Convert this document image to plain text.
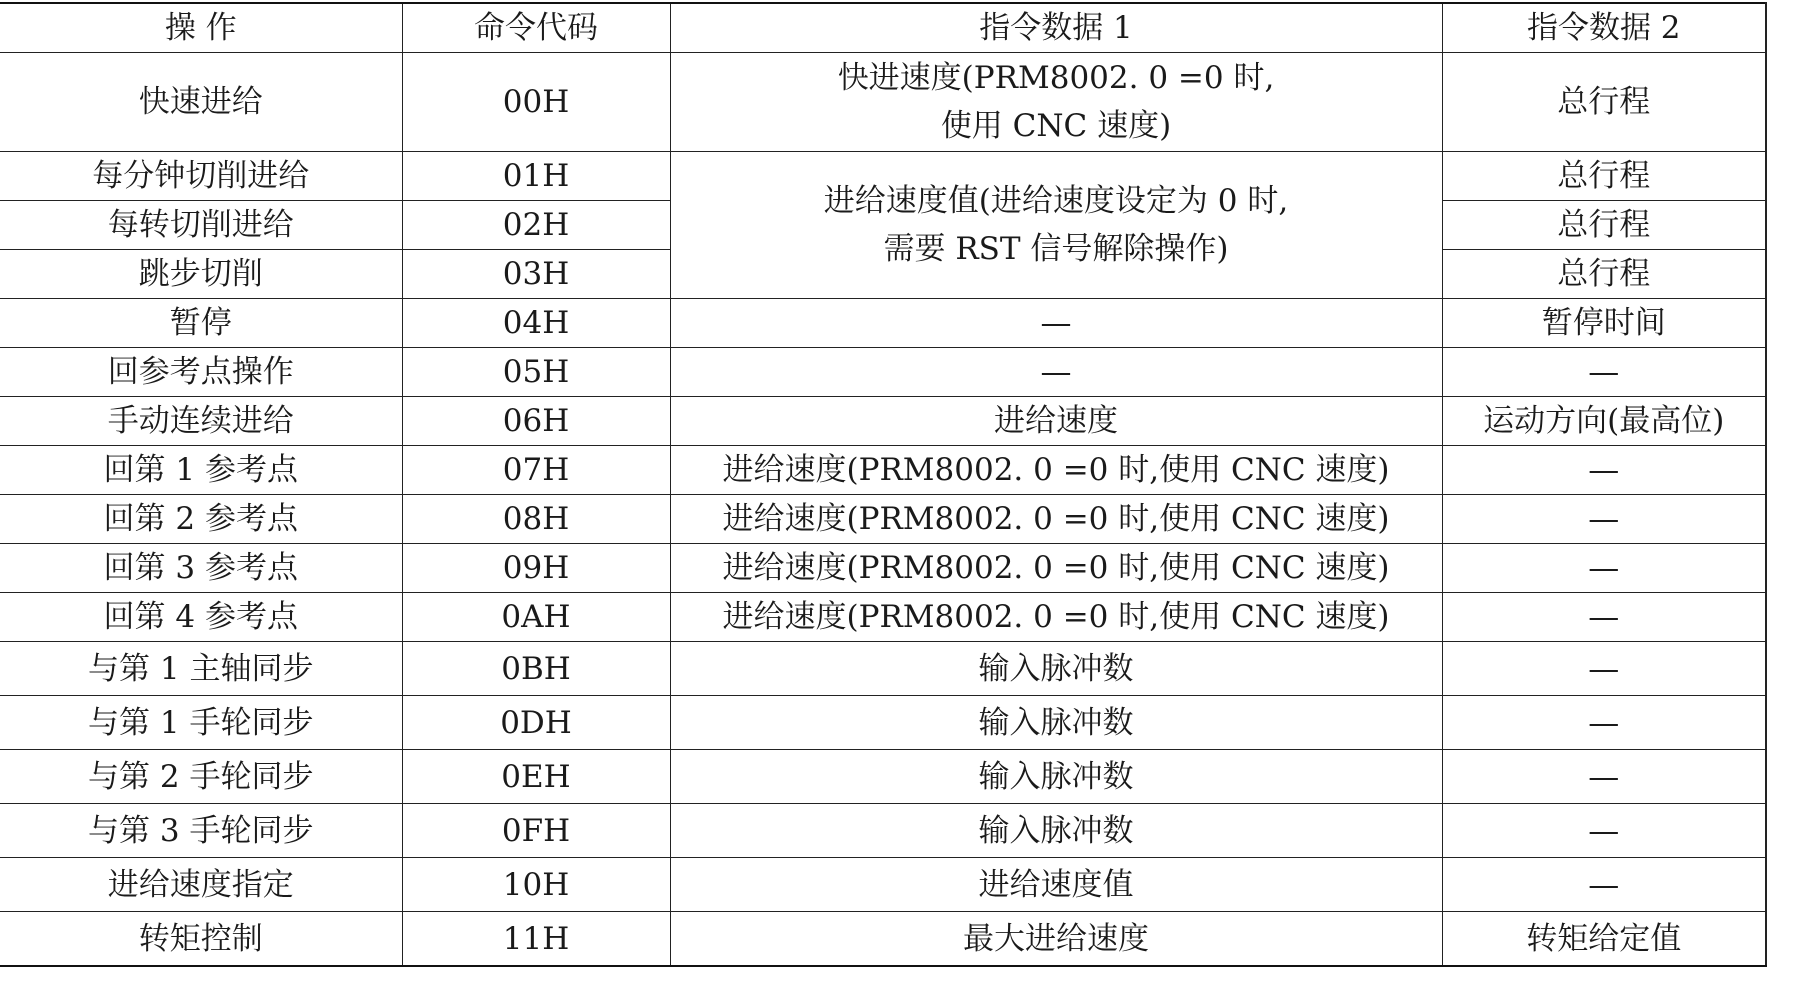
操 作	命令代码	指令数据 1	指令数据 2
快速进给	00H	快进速度(PRM8002. 0 =0 时,
使用 CNC 速度)	总行程
每分钟切削进给	01H	进给速度值(进给速度设定为 0 时,
需要 RST 信号解除操作)	总行程
每转切削进给	02H		总行程
跳步切削	03H		总行程
暂停	04H	—	暂停时间
回参考点操作	05H	—	—
手动连续进给	06H	进给速度	运动方向(最高位)
回第 1 参考点	07H	进给速度(PRM8002. 0 =0 时,使用 CNC 速度)	—
回第 2 参考点	08H	进给速度(PRM8002. 0 =0 时,使用 CNC 速度)	—
回第 3 参考点	09H	进给速度(PRM8002. 0 =0 时,使用 CNC 速度)	—
回第 4 参考点	0AH	进给速度(PRM8002. 0 =0 时,使用 CNC 速度)	—
与第 1 主轴同步	0BH	输入脉冲数	—
与第 1 手轮同步	0DH	输入脉冲数	—
与第 2 手轮同步	0EH	输入脉冲数	—
与第 3 手轮同步	0FH	输入脉冲数	—
进给速度指定	10H	进给速度值	—
转矩控制	11H	最大进给速度	转矩给定值
